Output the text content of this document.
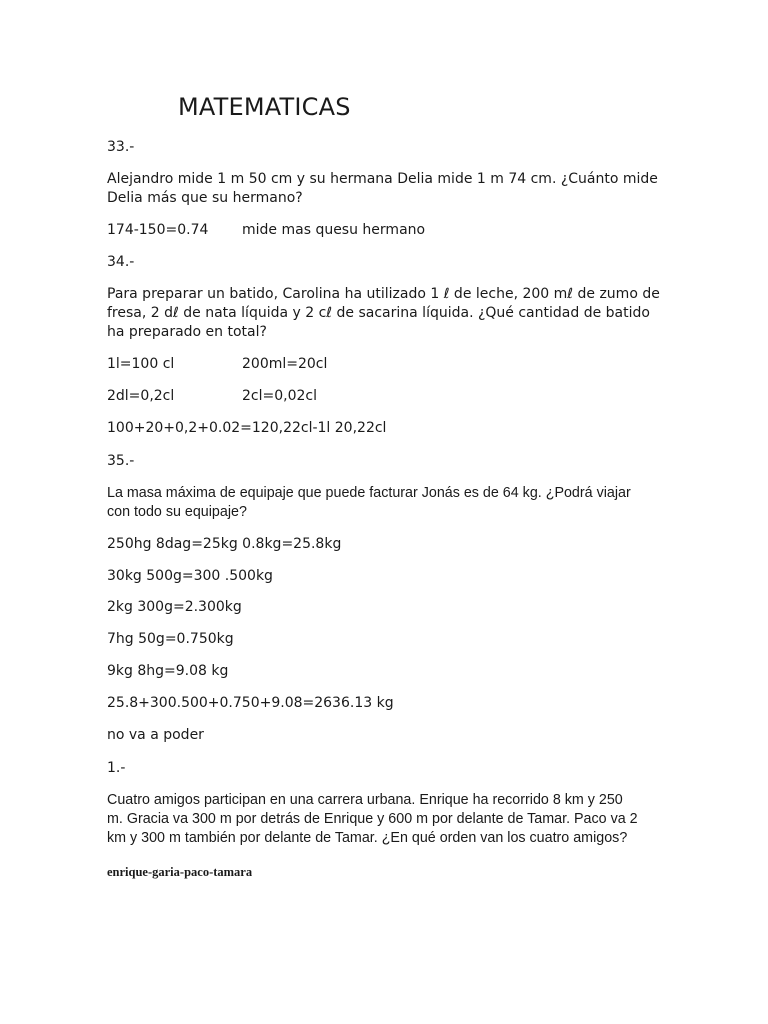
MATEMATICAS

33.-

Alejandro mide 1 m 50 cm y su hermana Delia mide 1 m 74 cm. ¿Cuánto mide

Delia más que su hermano?

174-150=0.74 mide mas quesu hermano

34.-

Para preparar un batido, Carolina ha utilizado 1 ℓ de leche, 200 mℓ de zumo de

fresa, 2 dℓ de nata líquida y 2 cℓ de sacarina líquida. ¿Qué cantidad de batido

ha preparado en total?

1l=100 cl	200ml=20cl

2dl=0,2cl	2cl=0,02cl

100+20+0,2+0.02=120,22cl-1l 20,22cl

35.-

La masa máxima de equipaje que puede facturar Jonás es de 64 kg. ¿Podrá viajar

con todo su equipaje?

250hg 8dag=25kg 0.8kg=25.8kg

30kg 500g=300 .500kg

2kg 300g=2.300kg

7hg 50g=0.750kg

9kg 8hg=9.08 kg

25.8+300.500+0.750+9.08=2636.13 kg

no va a poder

1.-

Cuatro amigos participan en una carrera urbana. Enrique ha recorrido 8 km y 250

m. Gracia va 300 m por detrás de Enrique y 600 m por delante de Tamar. Paco va 2

km y 300 m también por delante de Tamar. ¿En qué orden van los cuatro amigos?

enrique-garia-paco-tamara
